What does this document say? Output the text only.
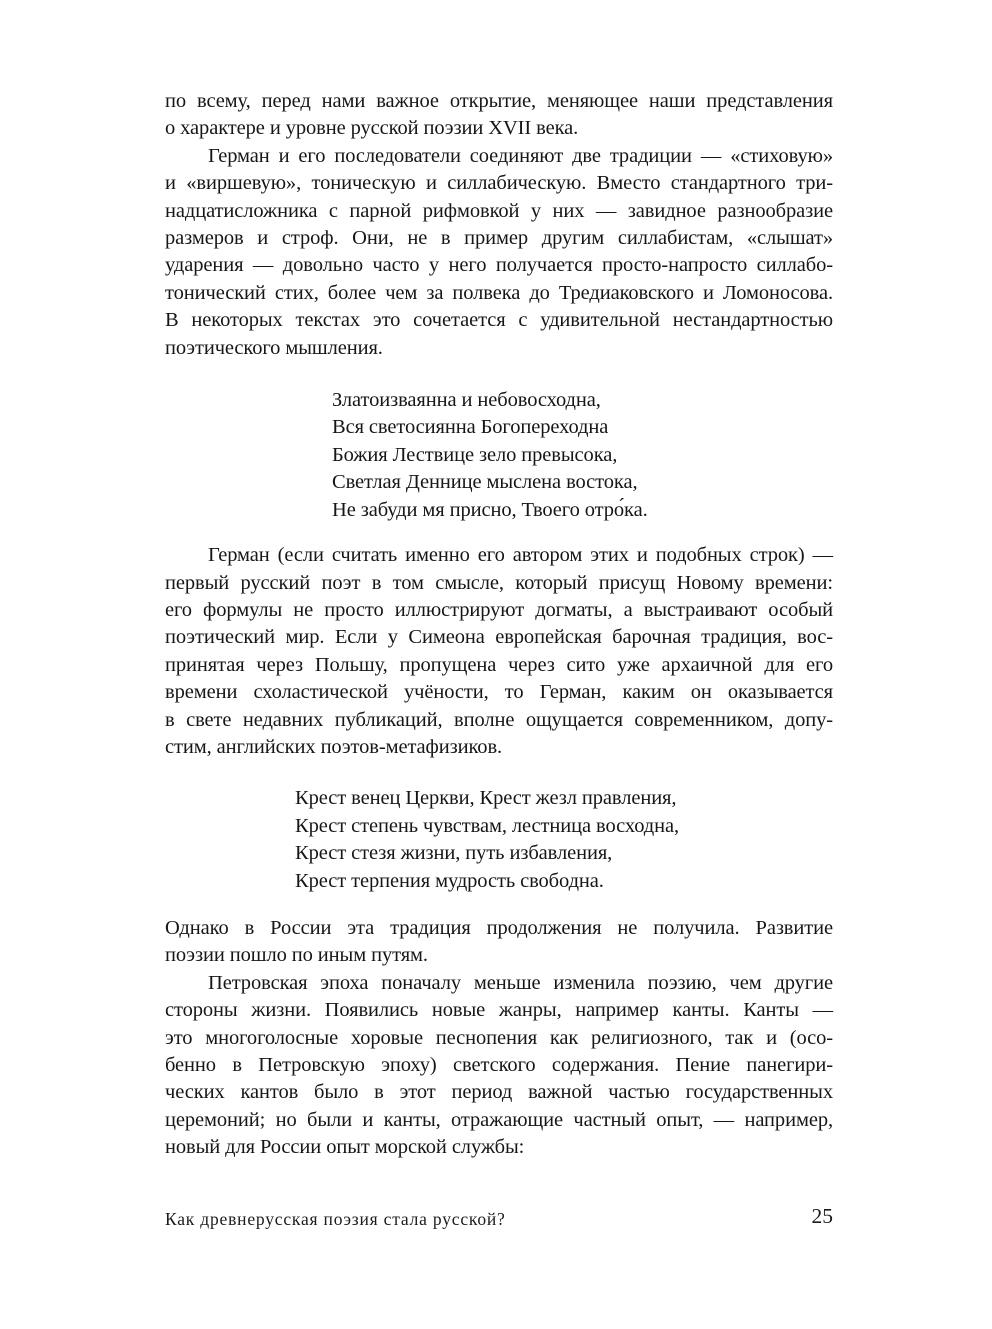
по всему, перед нами важное открытие, меняющее наши представления
о характере и уровне русской поэзии XVII века.
Герман и его последователи соединяют две традиции — «стиховую»
и «виршевую», тоническую и силлабическую. Вместо стандартного три-
надцатисложника с парной рифмовкой у них — завидное разнообразие
размеров и строф. Они, не в пример другим силлабистам, «слышат»
ударения — довольно часто у него получается просто-напросто силлабо-
тонический стих, более чем за полвека до Тредиаковского и Ломоносова.
В некоторых текстах это сочетается с удивительной нестандартностью
поэтического мышления.
Златоизваянна и небовосходна,
Вся светосиянна Богопереходна
Божия Лествице зело превысока,
Светлая Деннице мыслена востока,
Не забуди мя присно, Твоего отро́ка.
Герман (если считать именно его автором этих и подобных строк) —
первый русский поэт в том смысле, который присущ Новому времени:
его формулы не просто иллюстрируют догматы, а выстраивают особый
поэтический мир. Если у Симеона европейская барочная традиция, вос-
принятая через Польшу, пропущена через сито уже архаичной для его
времени схоластической учёности, то Герман, каким он оказывается
в свете недавних публикаций, вполне ощущается современником, допу-
стим, английских поэтов-метафизиков.
Крест венец Церкви, Крест жезл правления,
Крест степень чувствам, лестница восходна,
Крест стезя жизни, путь избавления,
Крест терпения мудрость свободна.
Однако в России эта традиция продолжения не получила. Развитие
поэзии пошло по иным путям.
Петровская эпоха поначалу меньше изменила поэзию, чем другие
стороны жизни. Появились новые жанры, например канты. Канты —
это многоголосные хоровые песнопения как религиозного, так и (осо-
бенно в Петровскую эпоху) светского содержания. Пение панегири-
ческих кантов было в этот период важной частью государственных
церемоний; но были и канты, отражающие частный опыт, — например,
новый для России опыт морской службы:
Как древнерусская поэзия стала русской?	25
